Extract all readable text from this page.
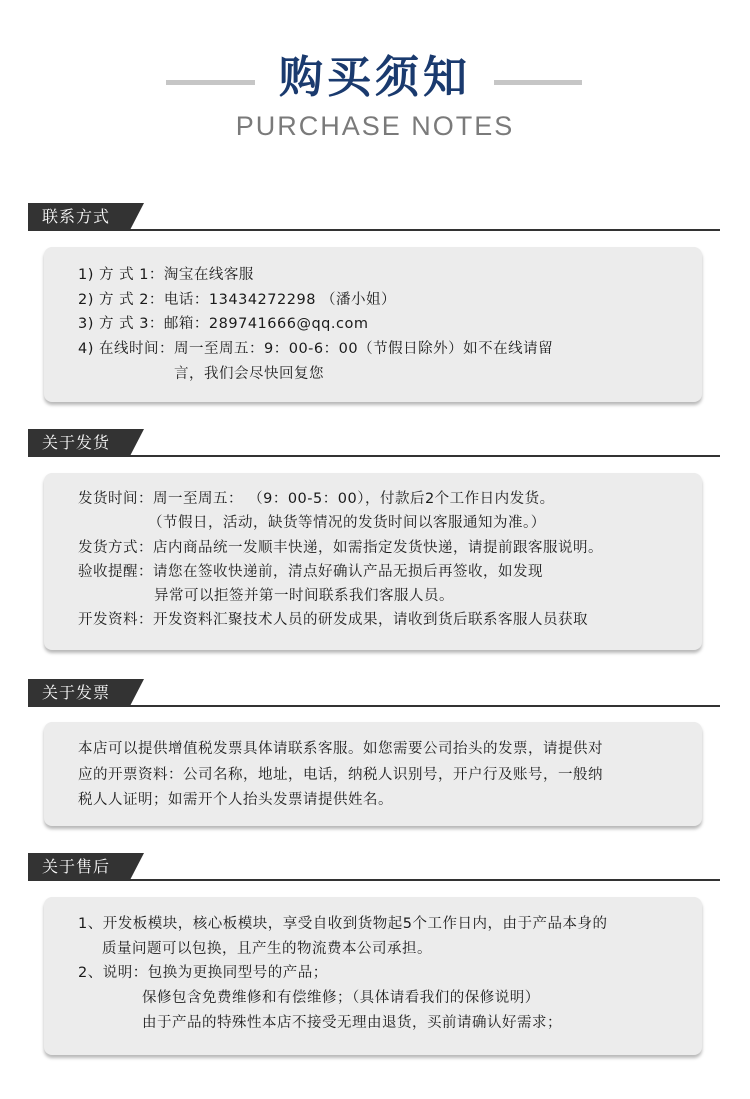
购买须知
PURCHASE NOTES
联系方式
1) 方 式 1：淘宝在线客服
2) 方 式 2：电话：13434272298 （潘小姐）
3) 方 式 3：邮箱：289741666@qq.com
4) 在线时间：周一至周五：9：00-6：00（节假日除外）如不在线请留
言，我们会尽快回复您
关于发货
发货时间：周一至周五： （9：00-5：00），付款后2个工作日内发货。
（节假日，活动，缺货等情况的发货时间以客服通知为准。）
发货方式：店内商品统一发顺丰快递，如需指定发货快递，请提前跟客服说明。
验收提醒：请您在签收快递前，清点好确认产品无损后再签收，如发现
异常可以拒签并第一时间联系我们客服人员。
开发资料：开发资料汇聚技术人员的研发成果，请收到货后联系客服人员获取
关于发票
本店可以提供增值税发票具体请联系客服。如您需要公司抬头的发票，请提供对
应的开票资料：公司名称，地址，电话，纳税人识别号，开户行及账号，一般纳
税人人证明；如需开个人抬头发票请提供姓名。
关于售后
1、开发板模块，核心板模块，享受自收到货物起5个工作日内，由于产品本身的
质量问题可以包换，且产生的物流费本公司承担。
2、说明：包换为更换同型号的产品；
保修包含免费维修和有偿维修；（具体请看我们的保修说明）
由于产品的特殊性本店不接受无理由退货，买前请确认好需求；
